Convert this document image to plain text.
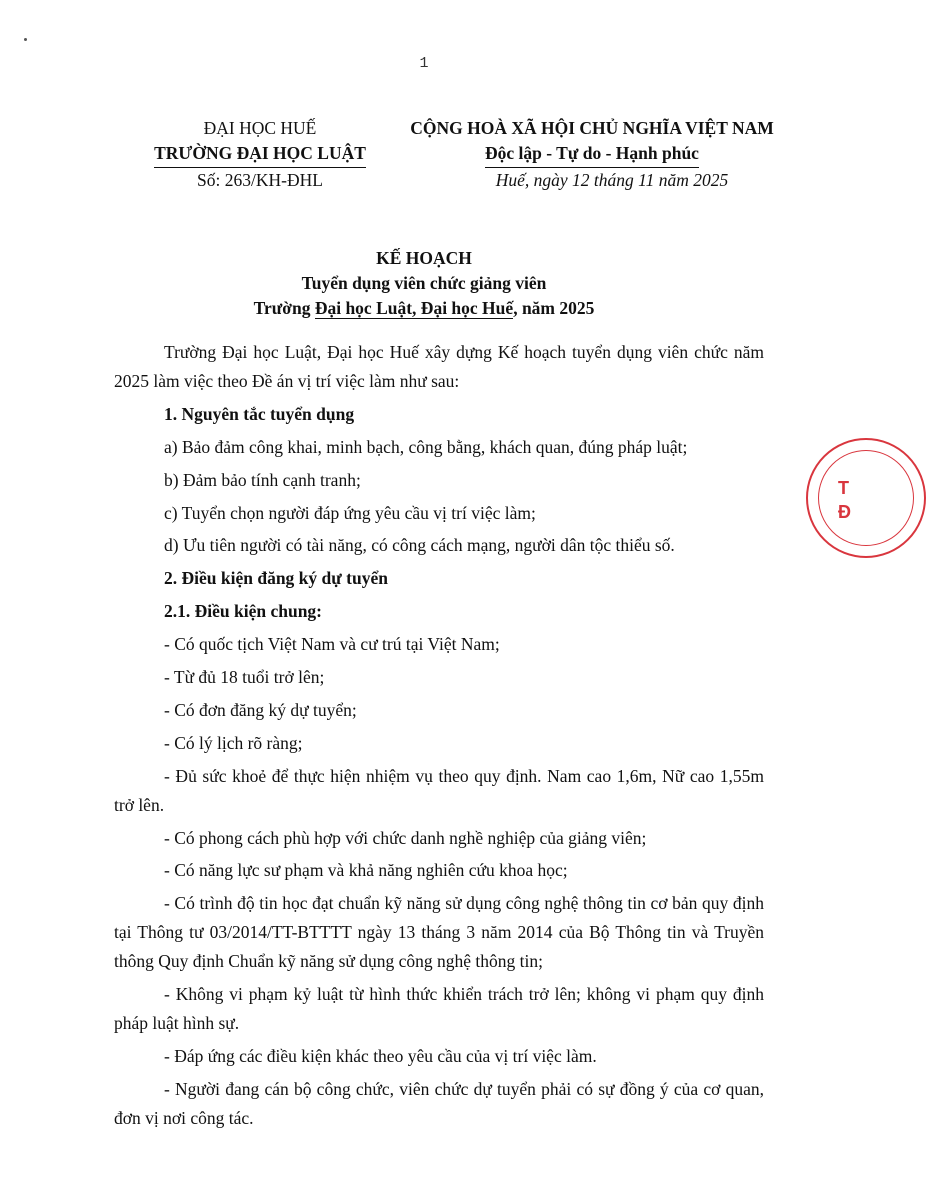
1
ĐẠI HỌC HUẾ
TRƯỜNG ĐẠI HỌC LUẬT
Số: 263/KH-ĐHL
CỘNG HOÀ XÃ HỘI CHỦ NGHĨA VIỆT NAM
Độc lập - Tự do - Hạnh phúc
Huế, ngày 12 tháng 11 năm 2025
KẾ HOẠCH
Tuyển dụng viên chức giảng viên
Trường Đại học Luật, Đại học Huế, năm 2025

Trường Đại học Luật, Đại học Huế xây dựng Kế hoạch tuyển dụng viên chức năm 2025 làm việc theo Đề án vị trí việc làm như sau:

1. Nguyên tắc tuyển dụng

a) Bảo đảm công khai, minh bạch, công bằng, khách quan, đúng pháp luật;

b) Đảm bảo tính cạnh tranh;

c) Tuyển chọn người đáp ứng yêu cầu vị trí việc làm;

d) Ưu tiên người có tài năng, có công cách mạng, người dân tộc thiểu số.

2. Điều kiện đăng ký dự tuyển

2.1. Điều kiện chung:

- Có quốc tịch Việt Nam và cư trú tại Việt Nam;

- Từ đủ 18 tuổi trở lên;

- Có đơn đăng ký dự tuyển;

- Có lý lịch rõ ràng;

- Đủ sức khoẻ để thực hiện nhiệm vụ theo quy định. Nam cao 1,6m, Nữ cao 1,55m trở lên.

- Có phong cách phù hợp với chức danh nghề nghiệp của giảng viên;

- Có năng lực sư phạm và khả năng nghiên cứu khoa học;

- Có trình độ tin học đạt chuẩn kỹ năng sử dụng công nghệ thông tin cơ bản quy định tại Thông tư 03/2014/TT-BTTTT ngày 13 tháng 3 năm 2014 của Bộ Thông tin và Truyền thông Quy định Chuẩn kỹ năng sử dụng công nghệ thông tin;

- Không vi phạm kỷ luật từ hình thức khiển trách trở lên; không vi phạm quy định pháp luật hình sự.

- Đáp ứng các điều kiện khác theo yêu cầu của vị trí việc làm.

- Người đang cán bộ công chức, viên chức dự tuyển phải có sự đồng ý của cơ quan, đơn vị nơi công tác.

T
Đ
